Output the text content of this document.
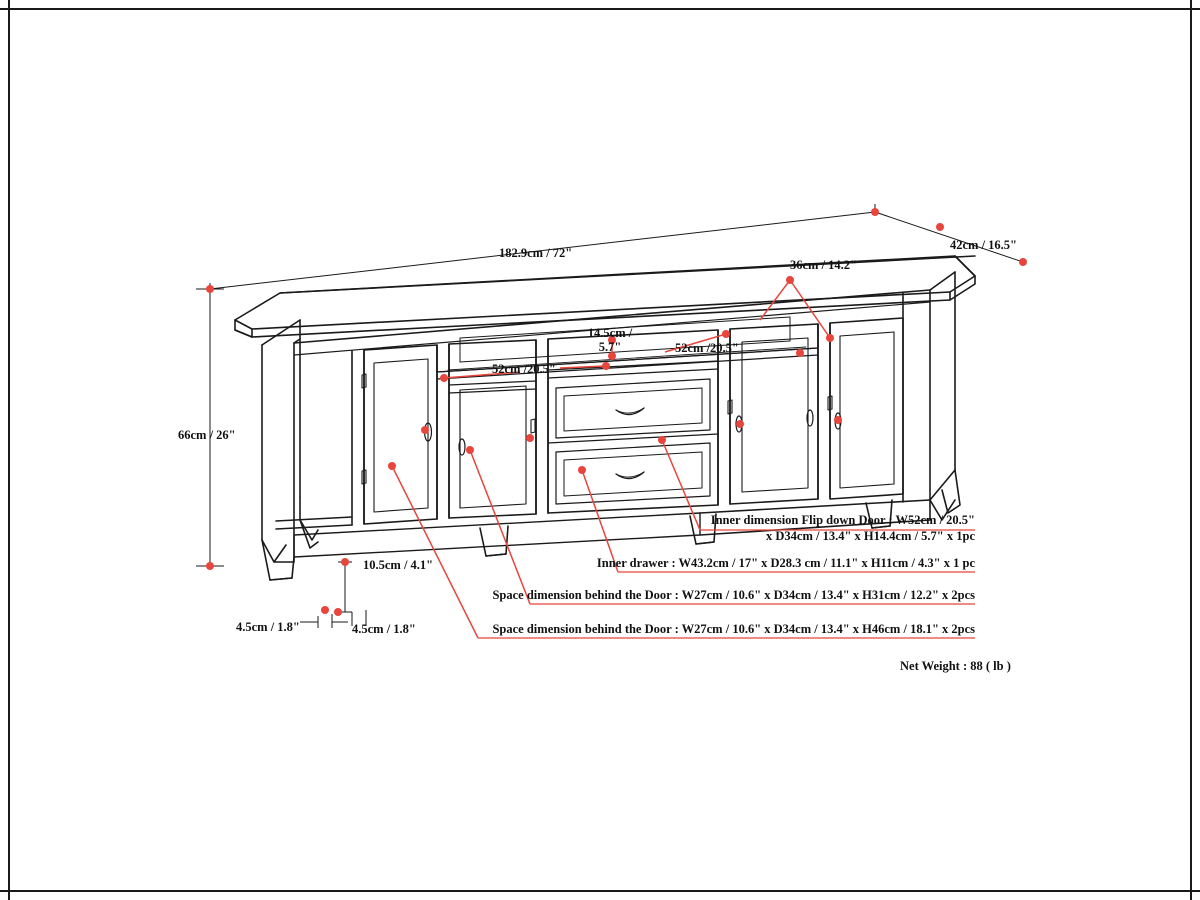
182.9cm / 72"
42cm / 16.5"
36cm / 14.2"
66cm / 26"
14.5cm / 5.7"	52cm /20.5"
52cm /20.5"
10.5cm / 4.1"
4.5cm / 1.8"	4.5cm / 1.8"
Inner dimension Flip down Door : W52cm / 20.5"
x D34cm / 13.4" x H14.4cm / 5.7" x 1pc
Inner drawer : W43.2cm / 17" x D28.3 cm / 11.1" x H11cm / 4.3" x 1 pc
Space dimension behind the Door : W27cm / 10.6" x D34cm / 13.4" x H31cm / 12.2" x 2pcs
Space dimension behind the Door : W27cm / 10.6" x D34cm / 13.4" x H46cm / 18.1" x 2pcs
Net Weight : 88 ( lb )
